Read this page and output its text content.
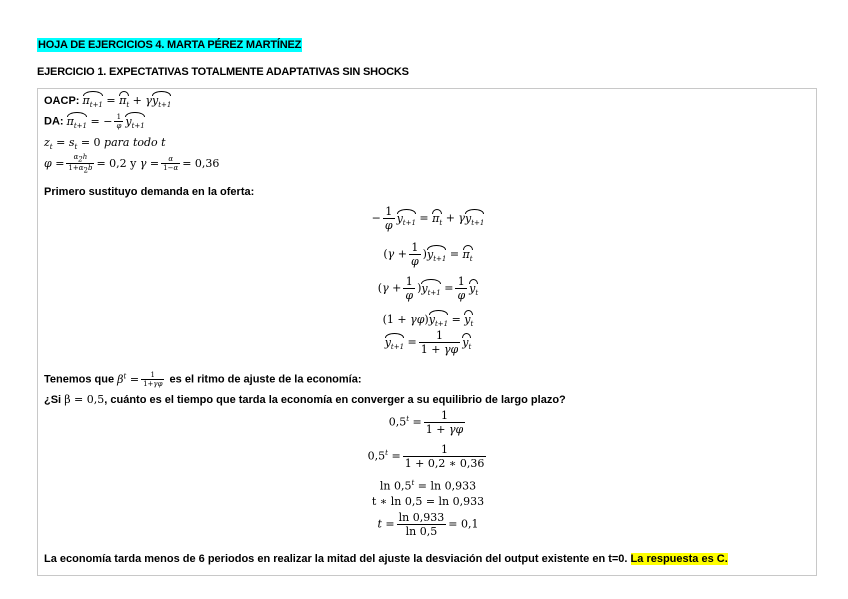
HOJA DE EJERCICIOS 4. MARTA PÉREZ MARTÍNEZ
EJERCICIO 1. EXPECTATIVAS TOTALMENTE ADAPTATIVAS SIN SHOCKS
OACP: $\pi_{t+1} = \pi_t + \gamma y_{t+1}$
DA: $\pi_{t+1}$ = − $\frac{1}{\varphi} y_{t+1}$
$z_t = s_t = 0$ para todo t
$\varphi = \frac{\alpha_2h}{1+\alpha_2b} = 0,2$ y $\gamma = \frac{\alpha}{1-\alpha} = 0,36$
Primero sustituyo demanda en la oferta:
− $\frac{1}{\varphi} y_{t+1} = \pi_t + \gamma y_{t+1}$
$(\gamma + \frac{1}{\varphi} )y_{t+1} = \pi_t$
$(\gamma + \frac{1}{\varphi} )y_{t+1} = \frac{1}{\varphi} y_t$
$(1 + \gamma\varphi)y_{t+1} = y_t$
$y_{t+1} = \frac{1}{1 + \gamma\varphi} y_t$
Tenemos que $\beta^t = \frac{1}{1+\gamma\varphi}$ es el ritmo de ajuste de la economía:
¿Si β = 0,5, cuánto es el tiempo que tarda la economía en converger a su equilibrio de largo plazo?
$0,5^t = \frac{1}{1 + \gamma\varphi}$
$0,5^t = \frac{1}{1 + 0,2 ∗ 0,36}$
$\ln 0,5^t = \ln 0,933$
t ∗ ln 0,5 = ln 0,933
$t = \frac{\ln 0,933}{\ln 0,5} = 0,1$
La economía tarda menos de 6 periodos en realizar la mitad del ajuste la desviación del output existente en t=0. La respuesta es C.
